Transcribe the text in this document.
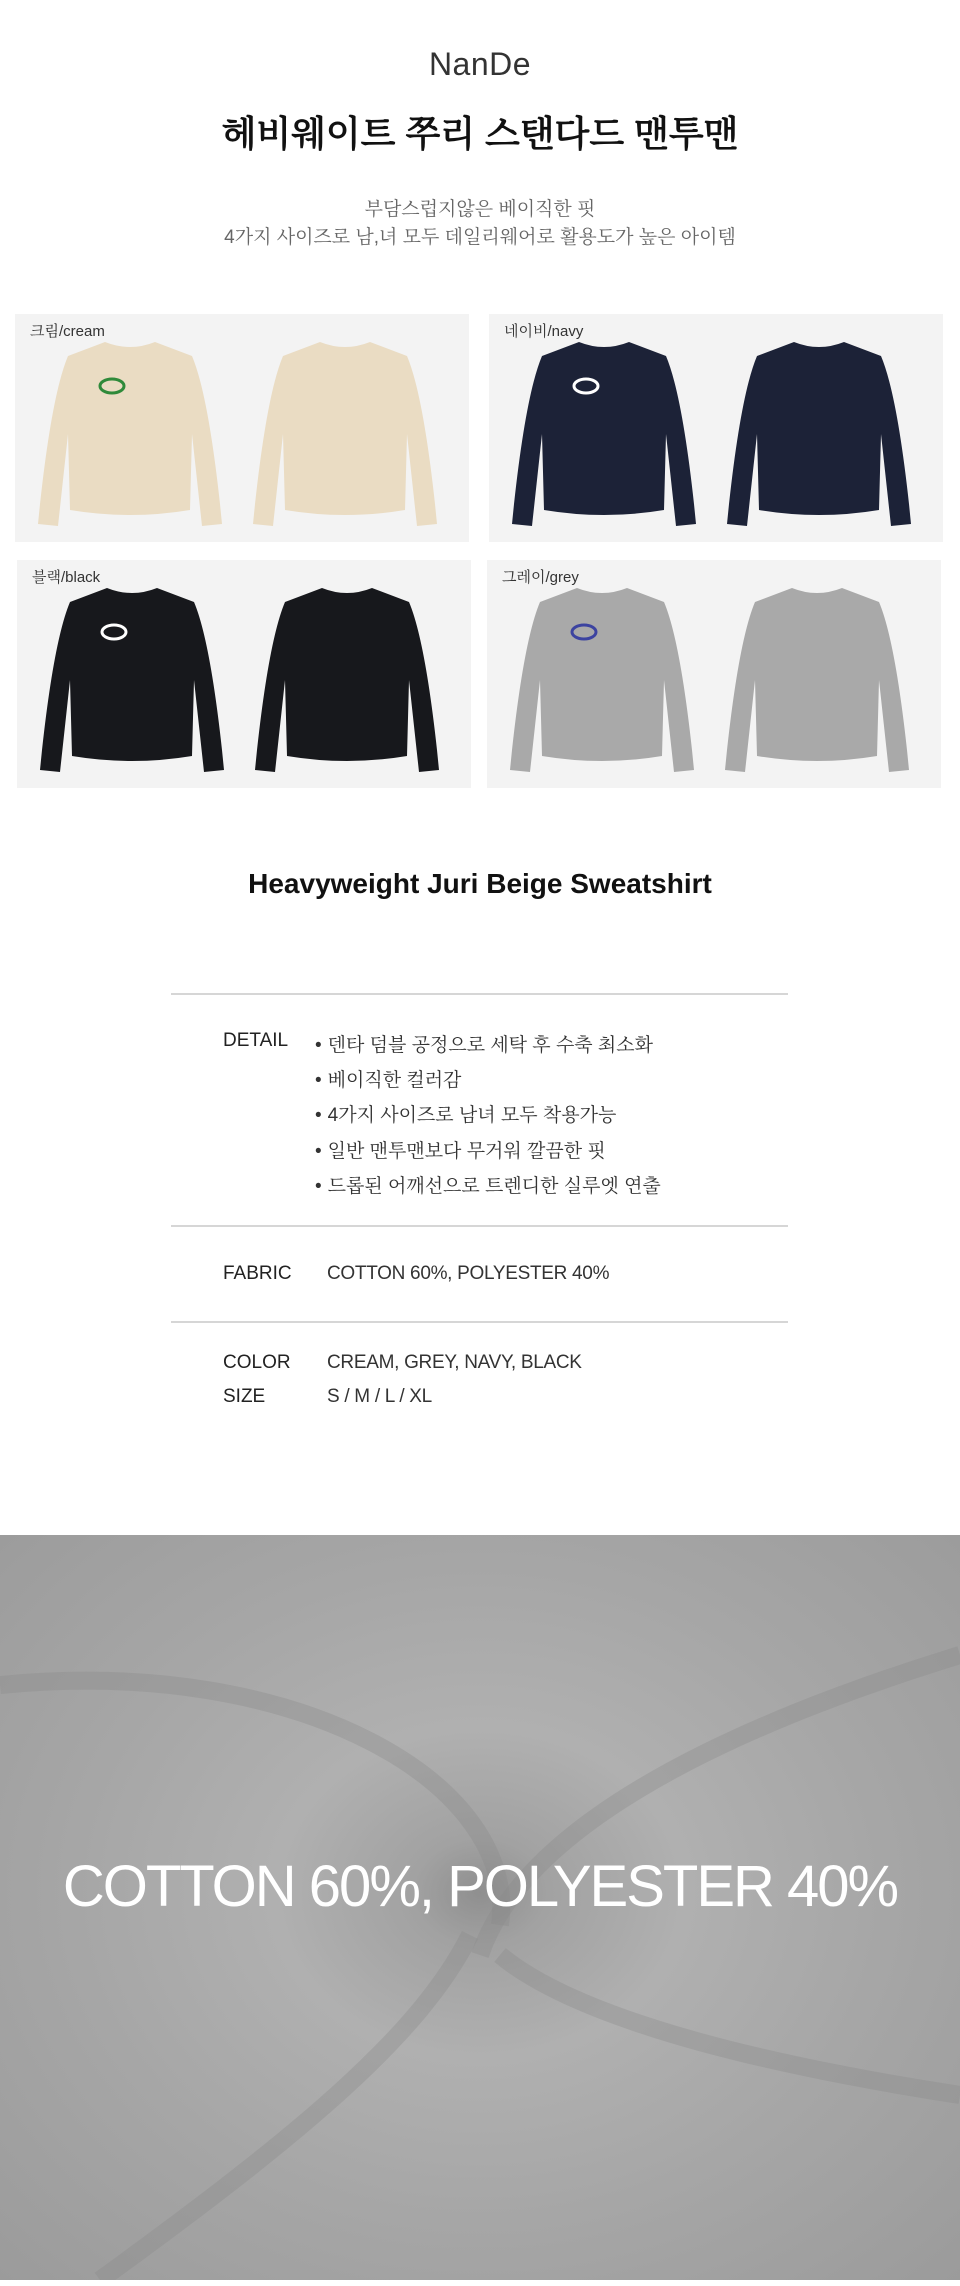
NanDe
헤비웨이트 쭈리 스탠다드 맨투맨
부담스럽지않은 베이직한 핏
4가지 사이즈로 남,녀 모두 데일리웨어로 활용도가 높은 아이템
크림/cream	네이비/navy
블랙/black	그레이/grey
Heavyweight Juri Beige Sweatshirt
DETAIL	• 덴타 덤블 공정으로 세탁 후 수축 최소화
• 베이직한 컬러감
• 4가지 사이즈로 남녀 모두 착용가능
• 일반 맨투맨보다 무거워 깔끔한 핏
• 드롭된 어깨선으로 트렌디한 실루엣 연출
FABRIC COTTON 60%, POLYESTER 40%
COLOR CREAM, GREY, NAVY, BLACK
SIZE	S / M / L / XL
COTTON 60%, POLYESTER 40%
